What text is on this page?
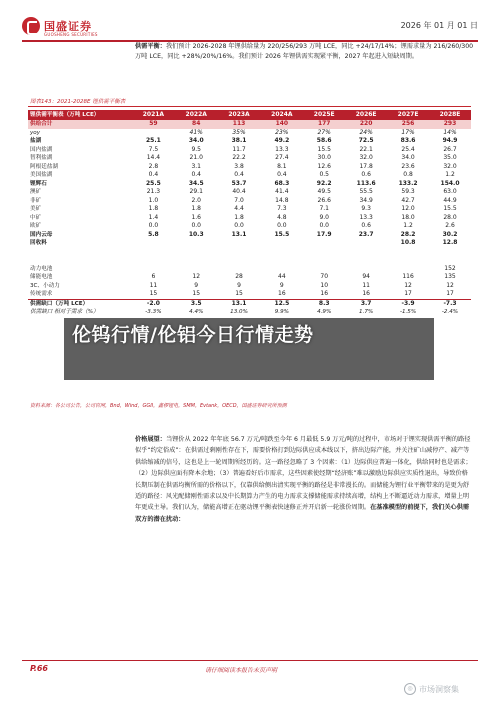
国盛证券
GUOSHENG SECURITIES
2026 年 01 月 01 日
供需平衡：我们预计 2026-2028 年锂供给量为 220/256/293 万吨 LCE，同比 +24/17/14%；锂需求量为 216/260/300 万吨 LCE，同比 +28%/20%/16%。我们预计 2026 年锂供需实现紧平衡，2027 年起进入短缺周期。
图表143：2021-2028E 锂供需平衡表
锂供需平衡表（万吨 LCE）	2021A	2022A	2023A	2024A	2025E	2026E	2027E	2028E
供给合计	59	84	113	140	177	220	256	293
yoy		41%	35%	23%	27%	24%	17%	14%
盐湖	25.1	34.0	38.1	49.2	58.6	72.5	83.6	94.9
国内盐湖	7.5	9.5	11.7	13.3	15.5	22.1	25.4	26.7
智利盐湖	14.4	21.0	22.2	27.4	30.0	32.0	34.0	35.0
阿根廷盐湖	2.8	3.1	3.8	8.1	12.6	17.8	23.6	32.0
美国盐湖	0.4	0.4	0.4	0.4	0.5	0.6	0.8	1.2
锂辉石	25.5	34.5	53.7	68.3	92.2	113.6	133.2	154.0
澳矿	21.3	29.1	40.4	41.4	49.5	55.5	59.3	63.0
非矿	1.0	2.0	7.0	14.8	26.6	34.9	42.7	44.9
美矿	1.8	1.8	4.4	7.3	7.1	9.3	12.0	15.5
中矿	1.4	1.6	1.8	4.8	9.0	13.3	18.0	28.0
欧矿	0.0	0.0	0.0	0.0	0.0	0.6	1.2	2.6
国内云母	5.8	10.3	13.1	15.5	17.9	23.7	28.2	30.2
回收料							10.8	12.8

动力电池								152
储能电池	6	12	28	44	70	94	116	135
3C、小动力	11	9	9	9	10	11	12	12
传统需求	15	15	15	16	16	16	17	17
供需缺口（万吨 LCE）	-2.0	3.5	13.1	12.5	8.3	3.7	-3.9	-7.3
供需缺口 相对于需求（%）	-3.3%	4.4%	13.0%	9.9%	4.9%	1.7%	-1.5%	-2.4%
资料来源：各公司公告，公司官网，Bnd，Wind，GGII，鑫椤锂电，SMM，Evtank，OECD，国盛证券研究所预测
伦钨行情/伦铝今日行情走势
价格展望：当锂价从 2022 年年底 56.7 万元/吨跌至今年 6 月最低 5.9 万元/吨的过程中，市场对于锂实现供需平衡的路径似乎“约定俗成”：在供需过剩刚性存在下，需要价格打到边际供应成本线以下，挤出边际产能，并关注矿山减停产、减产等供给缩减的信号，这也是上一轮周期所经历的。这一路径忽略了 3 个因素：（1）边际供应普遍一体化，供给同时也是需求；（2）边际供应面有降本余地；（3）普遍看好后市需求，这些因素使经期“经济账”难以激励边际供应实质性退出，导致价格长期压制在供需均衡所需的价格以下，仅靠供给侧出清实现平衡的路径是非常漫长的。而储能为锂行业平衡带来的是更为舒适的路径：风光配储刚性需求以及中长期算力产生的电力需求支撑储能需求持续高增，结构上不断逼近动力需求，增量上明年更成主导。我们认为，储能高增正在驱动锂平衡表快速修正并开启新一轮涨价周期。在基准模型的前提下，我们关心供需双方的潜在扰动：
P.66	请仔细阅读本报告末页声明
◎ 市场洞察集
